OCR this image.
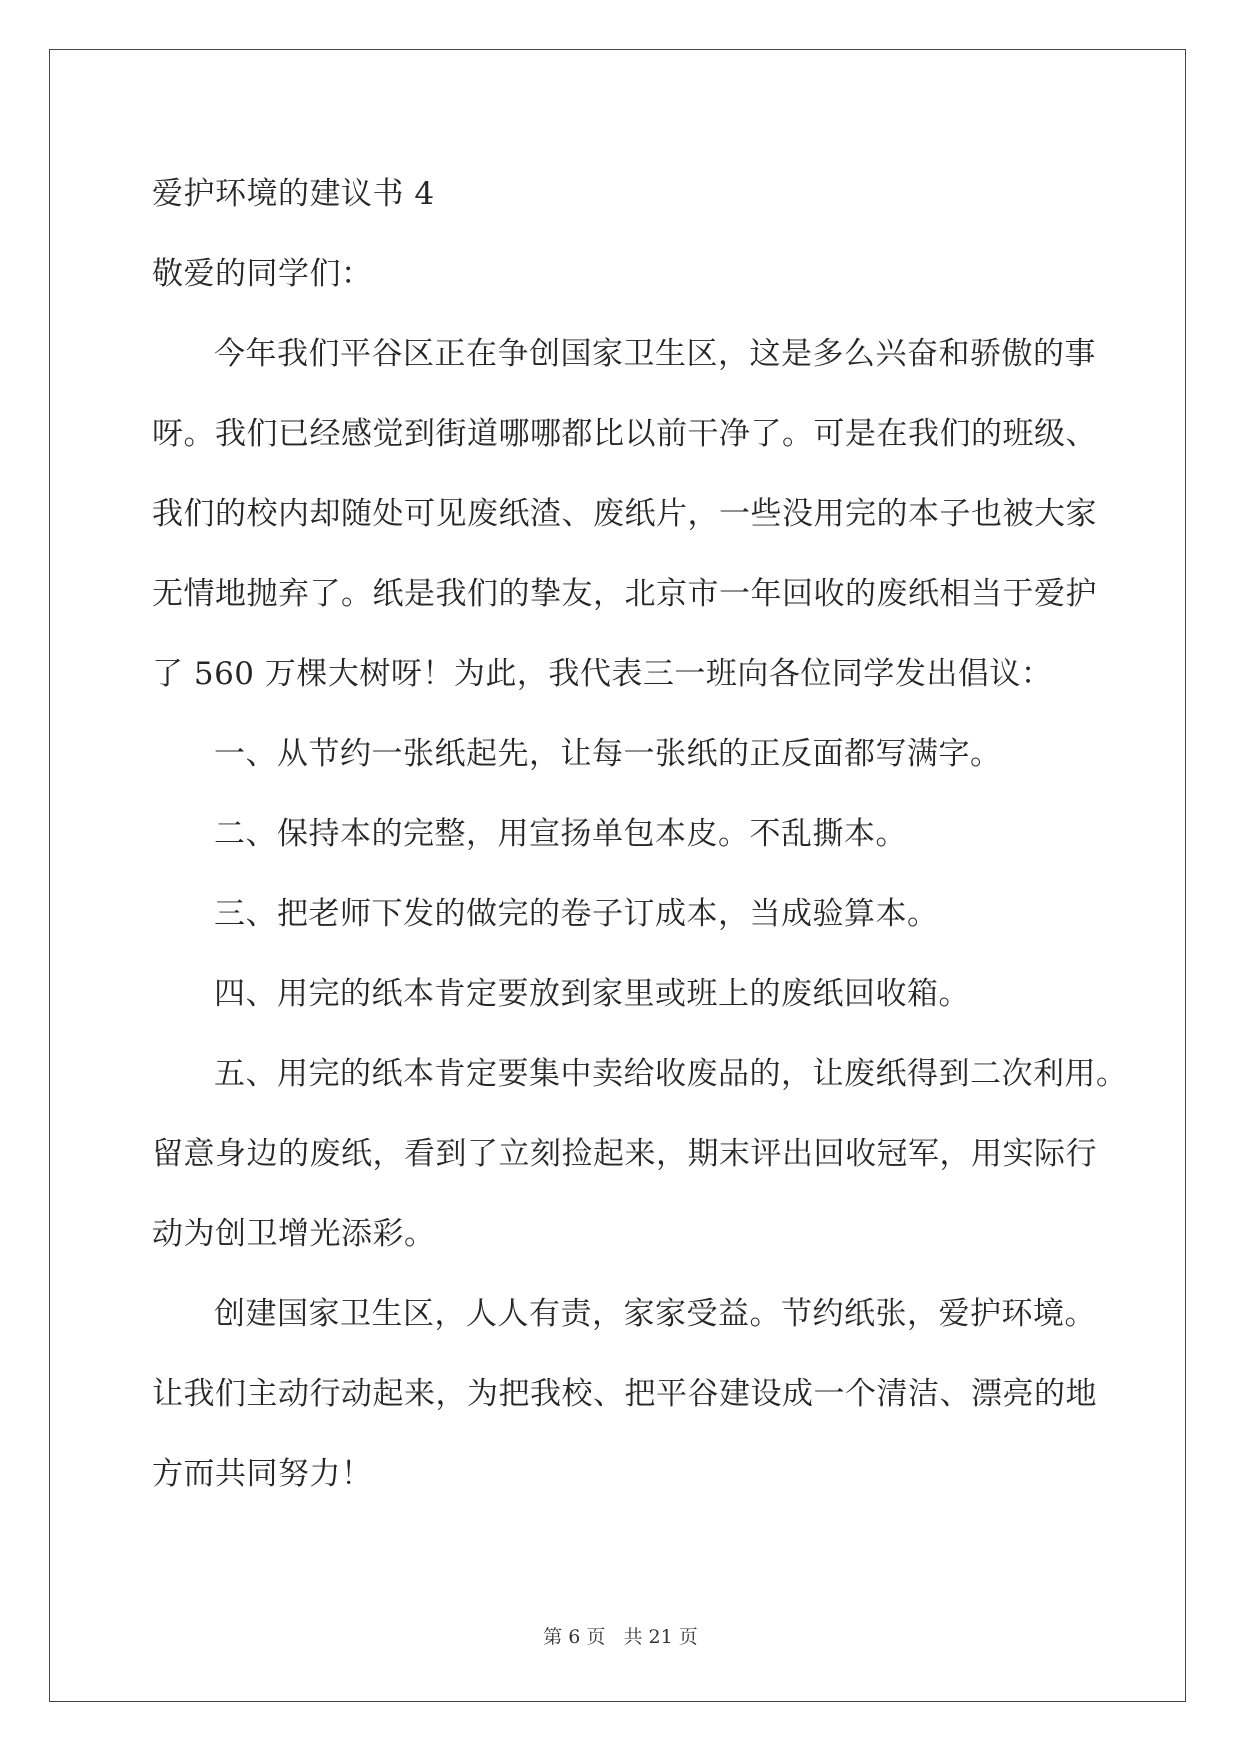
爱护环境的建议书 4
敬爱的同学们：
今年我们平谷区正在争创国家卫生区，这是多么兴奋和骄傲的事
呀。我们已经感觉到街道哪哪都比以前干净了。可是在我们的班级、
我们的校内却随处可见废纸渣、废纸片，一些没用完的本子也被大家
无情地抛弃了。纸是我们的挚友，北京市一年回收的废纸相当于爱护
了 560 万棵大树呀！为此，我代表三一班向各位同学发出倡议：
一、从节约一张纸起先，让每一张纸的正反面都写满字。
二、保持本的完整，用宣扬单包本皮。不乱撕本。
三、把老师下发的做完的卷子订成本，当成验算本。
四、用完的纸本肯定要放到家里或班上的废纸回收箱。
五、用完的纸本肯定要集中卖给收废品的，让废纸得到二次利用。
留意身边的废纸，看到了立刻捡起来，期末评出回收冠军，用实际行
动为创卫增光添彩。
创建国家卫生区，人人有责，家家受益。节约纸张，爱护环境。
让我们主动行动起来，为把我校、把平谷建设成一个清洁、漂亮的地
方而共同努力！
第 6 页 共 21 页
